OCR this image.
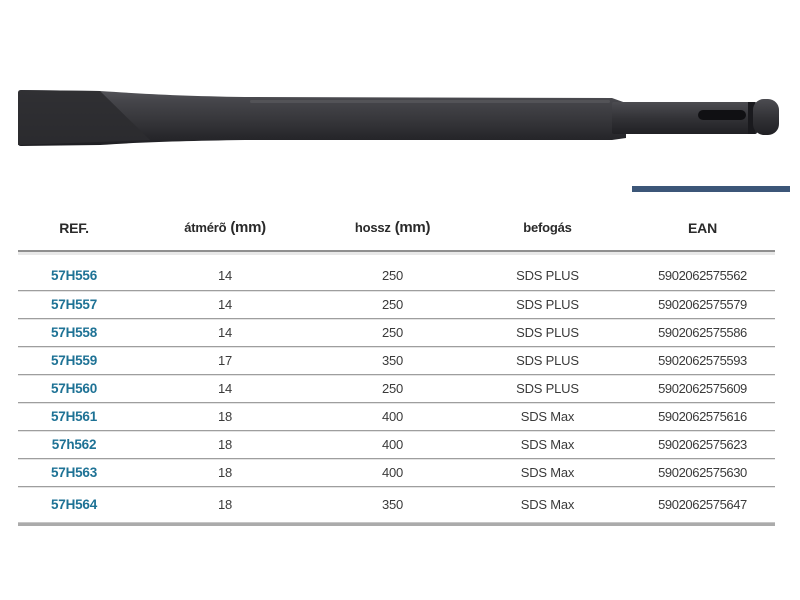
REF.	átmérõ (mm)	hossz (mm)	befogás	EAN
57H556	14	250	SDS PLUS	5902062575562
57H557	14	250	SDS PLUS	5902062575579
57H558	14	250	SDS PLUS	5902062575586
57H559	17	350	SDS PLUS	5902062575593
57H560	14	250	SDS PLUS	5902062575609
57H561	18	400	SDS Max	5902062575616
57h562	18	400	SDS Max	5902062575623
57H563	18	400	SDS Max	5902062575630
57H564	18	350	SDS Max	5902062575647
